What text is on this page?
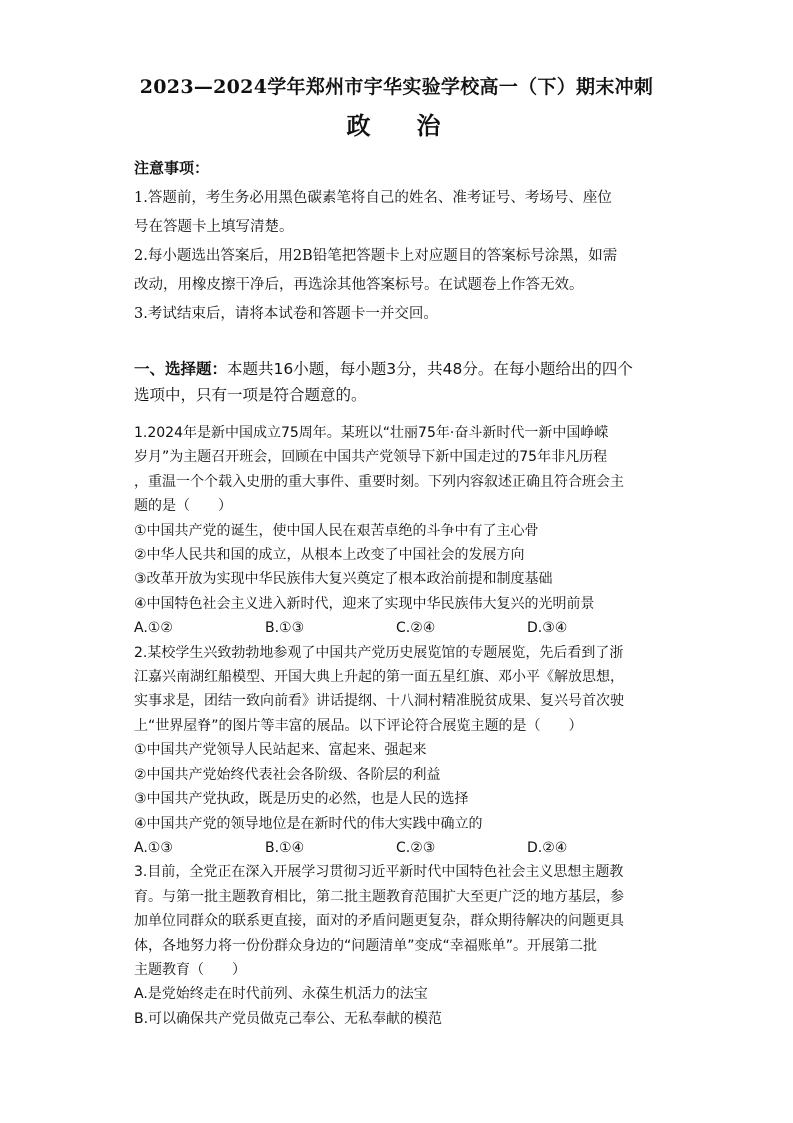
2023—2024学年郑州市宇华实验学校高一（下）期末冲刺
政 治
注意事项：

1.答题前，考生务必用黑色碳素笔将自己的姓名、准考证号、考场号、座位

号在答题卡上填写清楚。

2.每小题选出答案后，用2B铅笔把答题卡上对应题目的答案标号涂黑，如需

改动，用橡皮擦干净后，再选涂其他答案标号。在试题卷上作答无效。

3.考试结束后，请将本试卷和答题卡一并交回。

一、选择题：本题共16小题，每小题3分，共48分。在每小题给出的四个
选项中，只有一项是符合题意的。

1.2024年是新中国成立75周年。某班以“壮丽75年·奋斗新时代一新中国峥嵘

岁月”为主题召开班会，回顾在中国共产党领导下新中国走过的75年非凡历程

，重温一个个载入史册的重大事件、重要时刻。下列内容叙述正确且符合班会主

题的是（　　）

①中国共产党的诞生，使中国人民在艰苦卓绝的斗争中有了主心骨

②中华人民共和国的成立，从根本上改变了中国社会的发展方向

③改革开放为实现中华民族伟大复兴奠定了根本政治前提和制度基础

④中国特色社会主义进入新时代，迎来了实现中华民族伟大复兴的光明前景

A.①②	B.①③	C.②④	D.③④

2.某校学生兴致勃勃地参观了中国共产党历史展览馆的专题展览，先后看到了浙

江嘉兴南湖红船模型、开国大典上升起的第一面五星红旗、邓小平《解放思想，

实事求是，团结一致向前看》讲话提纲、十八洞村精准脱贫成果、复兴号首次驶

上“世界屋脊”的图片等丰富的展品。以下评论符合展览主题的是（　　）

①中国共产党领导人民站起来、富起来、强起来

②中国共产党始终代表社会各阶级、各阶层的利益

③中国共产党执政，既是历史的必然，也是人民的选择

④中国共产党的领导地位是在新时代的伟大实践中确立的

A.①③	B.①④	C.②③	D.②④

3.目前，全党正在深入开展学习贯彻习近平新时代中国特色社会主义思想主题教

育。与第一批主题教育相比，第二批主题教育范围扩大至更广泛的地方基层，参

加单位同群众的联系更直接，面对的矛盾问题更复杂，群众期待解决的问题更具

体，各地努力将一份份群众身边的“问题清单”变成“幸福账单”。开展第二批

主题教育（　　）

A.是党始终走在时代前列、永葆生机活力的法宝

B.可以确保共产党员做克己奉公、无私奉献的模范
